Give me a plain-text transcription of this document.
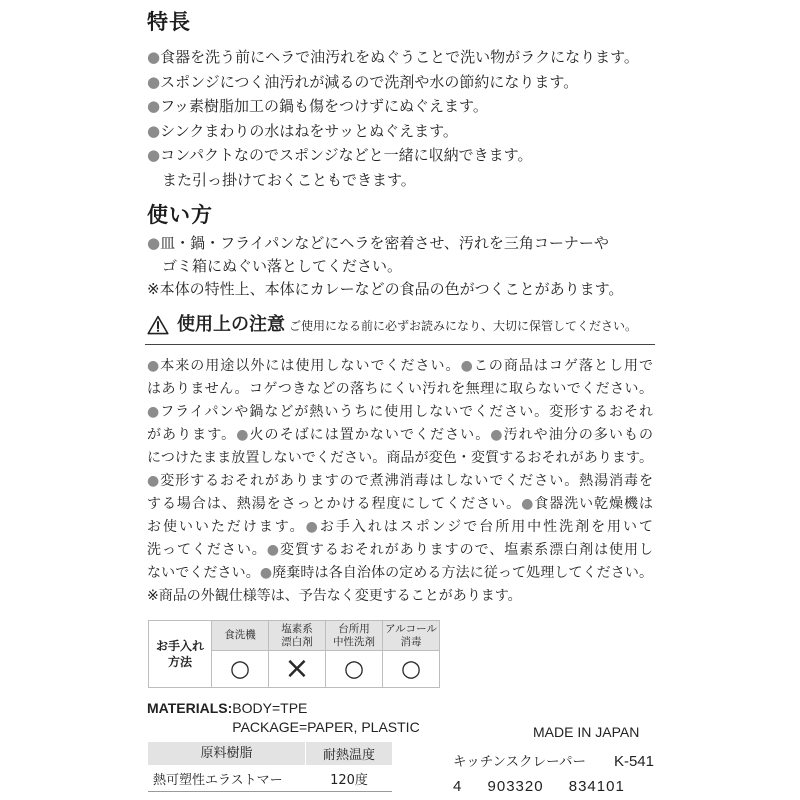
特長
●食器を洗う前にヘラで油汚れをぬぐうことで洗い物がラクになります。
●スポンジにつく油汚れが減るので洗剤や水の節約になります。
●フッ素樹脂加工の鍋も傷をつけずにぬぐえます。
●シンクまわりの水はねをサッとぬぐえます。
●コンパクトなのでスポンジなどと一緒に収納できます。
また引っ掛けておくこともできます。
使い方
●皿・鍋・フライパンなどにヘラを密着させ、汚れを三角コーナーや
ゴミ箱にぬぐい落としてください。
※本体の特性上、本体にカレーなどの食品の色がつくことがあります。
使用上の注意 ご使用になる前に必ずお読みになり、大切に保管してください。
●本来の用途以外には使用しないでください。●この商品はコゲ落とし用で
はありません。コゲつきなどの落ちにくい汚れを無理に取らないでください。
●フライパンや鍋などが熱いうちに使用しないでください。変形するおそれ
があります。●火のそばには置かないでください。●汚れや油分の多いもの
につけたまま放置しないでください。商品が変色・変質するおそれがあります。
●変形するおそれがありますので煮沸消毒はしないでください。熱湯消毒を
する場合は、熱湯をさっとかける程度にしてください。●食器洗い乾燥機は
お使いいただけます。●お手入れはスポンジで台所用中性洗剤を用いて
洗ってください。●変質するおそれがありますので、塩素系漂白剤は使用し
ないでください。●廃棄時は各自治体の定める方法に従って処理してください。
※商品の外観仕様等は、予告なく変更することがあります。
お手入れ
方法
食洗機
○
塩素系
漂白剤
×
台所用
中性洗剤
○
アルコール
消毒
○
MATERIALS: BODY=TPE
PACKAGE=PAPER, PLASTIC
原料樹脂	耐熱温度
熱可塑性エラストマー	120度
MADE IN JAPAN
キッチンスクレーパー K-541
4 903320 834101
